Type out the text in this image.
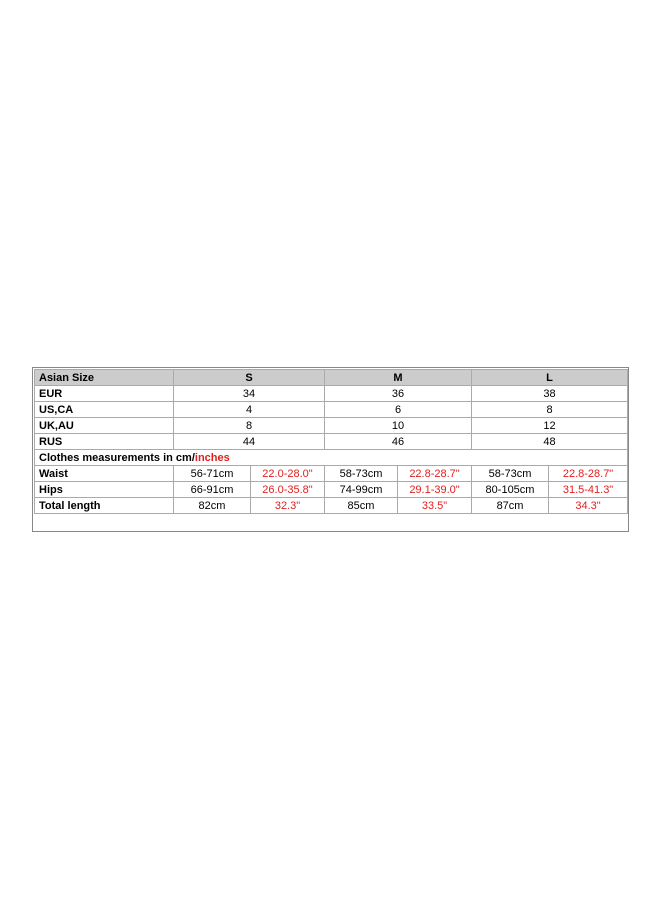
Asian Size	S		M		L	
EUR	34		36		38	
US,CA	4		6		8	
UK,AU	8		10		12	
RUS	44		46		48	
Clothes measurements in cm/inches						
Waist	56-71cm	22.0-28.0"	58-73cm	22.8-28.7"	58-73cm	22.8-28.7"
Hips	66-91cm	26.0-35.8"	74-99cm	29.1-39.0"	80-105cm	31.5-41.3"
Total length	82cm	32.3"	85cm	33.5"	87cm	34.3"
